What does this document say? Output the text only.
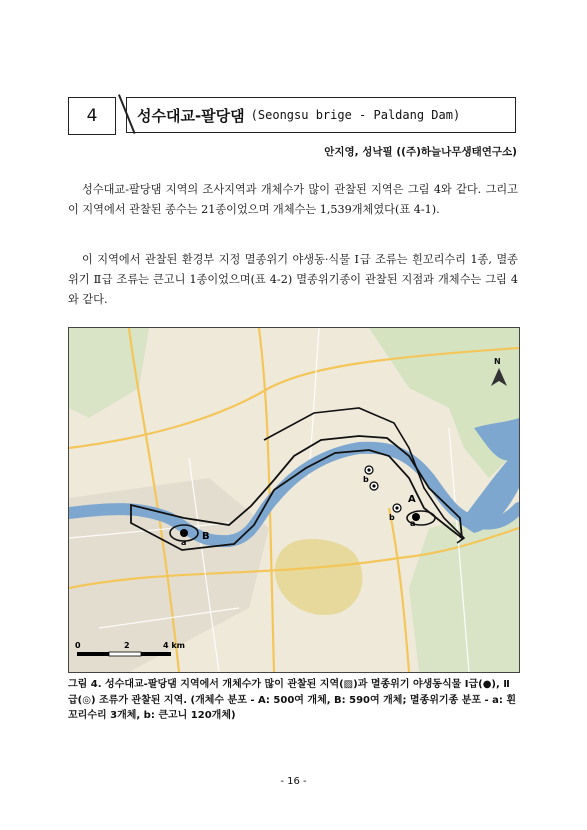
4	성수대교-팔당댐 (Seongsu brige - Paldang Dam)
안지영, 성낙필 ((주)하늘나무생태연구소)

성수대교-팔당댐 지역의 조사지역과 개체수가 많이 관찰된 지역은 그림 4와 같다. 그리고 이 지역에서 관찰된 종수는 21종이었으며 개체수는 1,539개체였다(표 4-1).

이 지역에서 관찰된 환경부 지정 멸종위기 야생동·식물 Ⅰ급 조류는 흰꼬리수리 1종, 멸종위기 Ⅱ급 조류는 큰고니 1종이었으며(표 4-2) 멸종위기종이 관찰된 지점과 개체수는 그림 4와 같다.

B
a
A
b
b
a
N
0	2	4 km
그림 4. 성수대교-팔당댐 지역에서 개체수가 많이 관찰된 지역(▨)과 멸종위기 야생동식물 Ⅰ급(●), Ⅱ급(◎) 조류가 관찰된 지역. (개체수 분포 - A: 500여 개체, B: 590여 개체; 멸종위기종 분포 - a: 흰꼬리수리 3개체, b: 큰고니 120개체)
- 16 -
